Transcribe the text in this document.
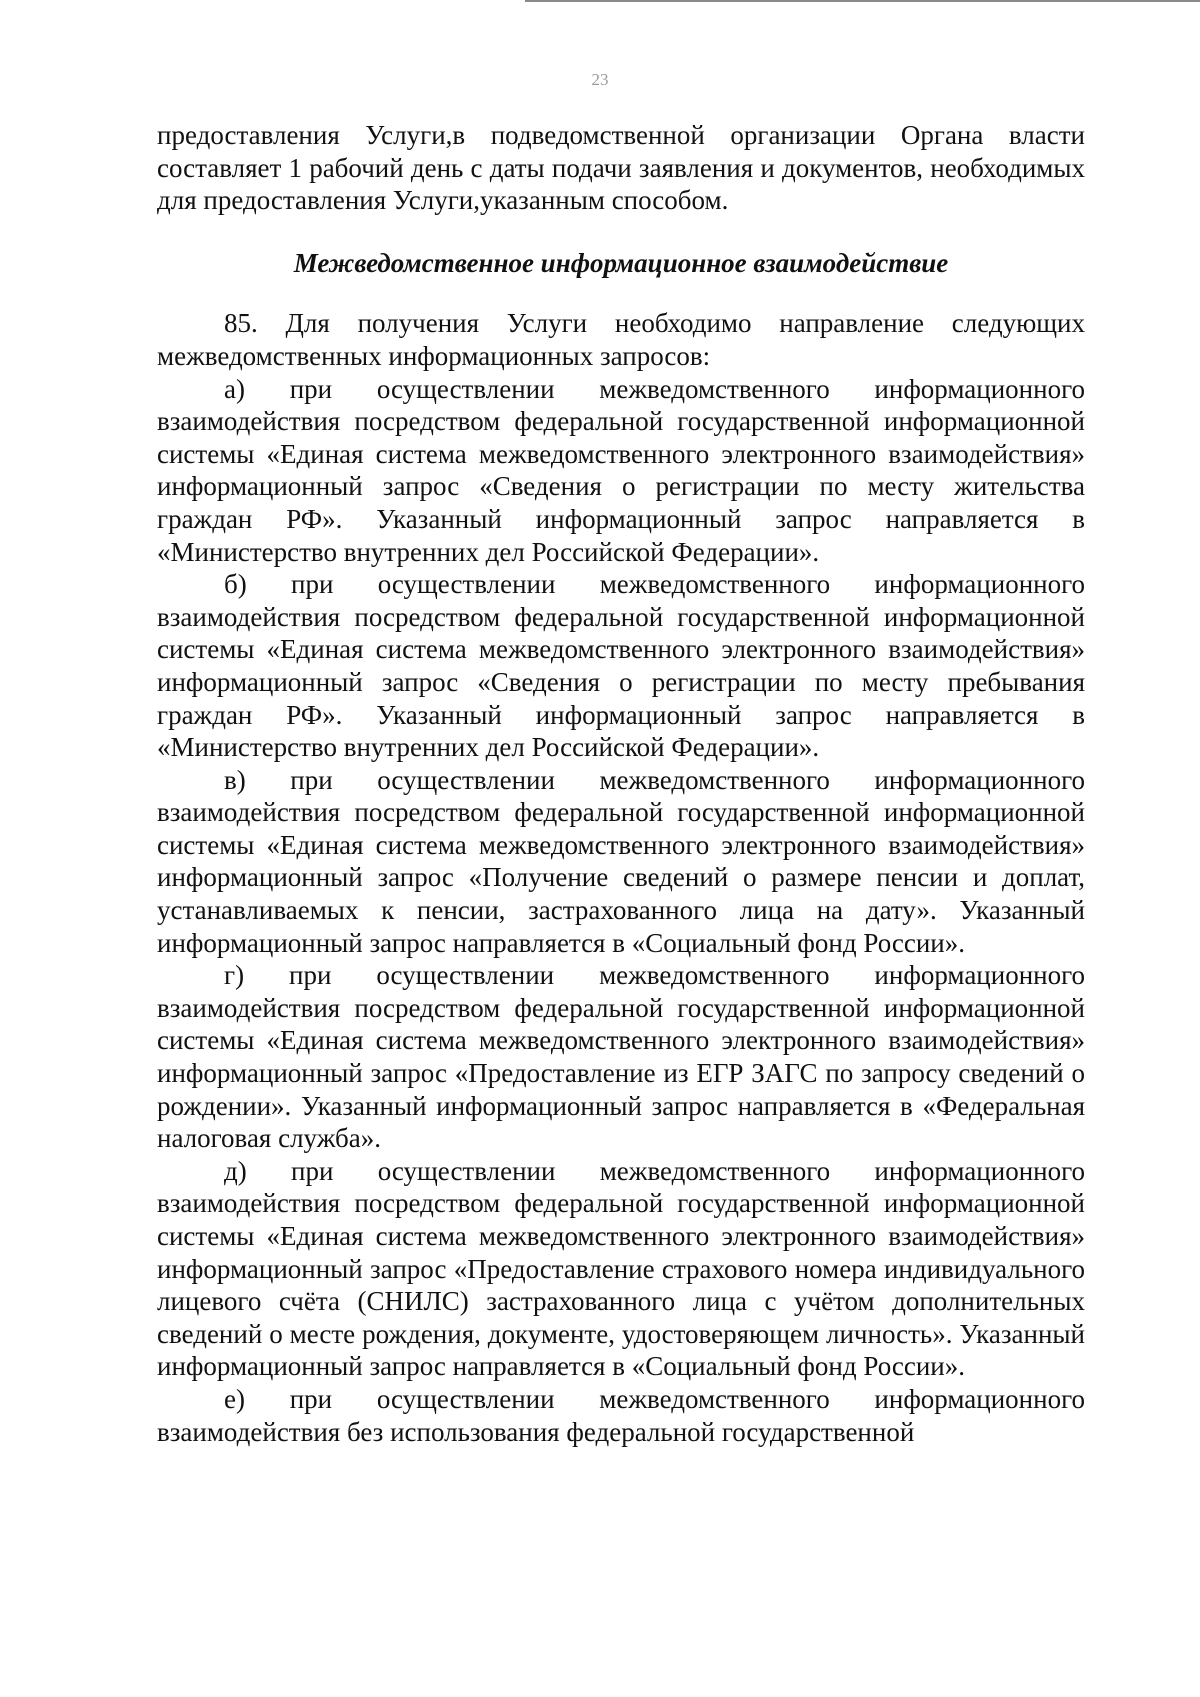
23

предоставления Услуги,в подведомственной организации Органа власти составляет 1 рабочий день с даты подачи заявления и документов, необходимых для предоставления Услуги,указанным способом.

Межведомственное информационное взаимодействие

85. Для получения Услуги необходимо направление следующих межведомственных информационных запросов:

а) при осуществлении межведомственного информационного взаимодействия посредством федеральной государственной информационной системы «Единая система межведомственного электронного взаимодействия» информационный запрос «Сведения о регистрации по месту жительства граждан РФ». Указанный информационный запрос направляется в «Министерство внутренних дел Российской Федерации».

б) при осуществлении межведомственного информационного взаимодействия посредством федеральной государственной информационной системы «Единая система межведомственного электронного взаимодействия» информационный запрос «Сведения о регистрации по месту пребывания граждан РФ». Указанный информационный запрос направляется в «Министерство внутренних дел Российской Федерации».

в) при осуществлении межведомственного информационного взаимодействия посредством федеральной государственной информационной системы «Единая система межведомственного электронного взаимодействия» информационный запрос «Получение сведений о размере пенсии и доплат, устанавливаемых к пенсии, застрахованного лица на дату». Указанный информационный запрос направляется в «Социальный фонд России».

г) при осуществлении межведомственного информационного взаимодействия посредством федеральной государственной информационной системы «Единая система межведомственного электронного взаимодействия» информационный запрос «Предоставление из ЕГР ЗАГС по запросу сведений о рождении». Указанный информационный запрос направляется в «Федеральная налоговая служба».

д) при осуществлении межведомственного информационного взаимодействия посредством федеральной государственной информационной системы «Единая система межведомственного электронного взаимодействия» информационный запрос «Предоставление страхового номера индивидуального лицевого счёта (СНИЛС) застрахованного лица с учётом дополнительных сведений о месте рождения, документе, удостоверяющем личность». Указанный информационный запрос направляется в «Социальный фонд России».

е) при осуществлении межведомственного информационного взаимодействия без использования федеральной государственной
